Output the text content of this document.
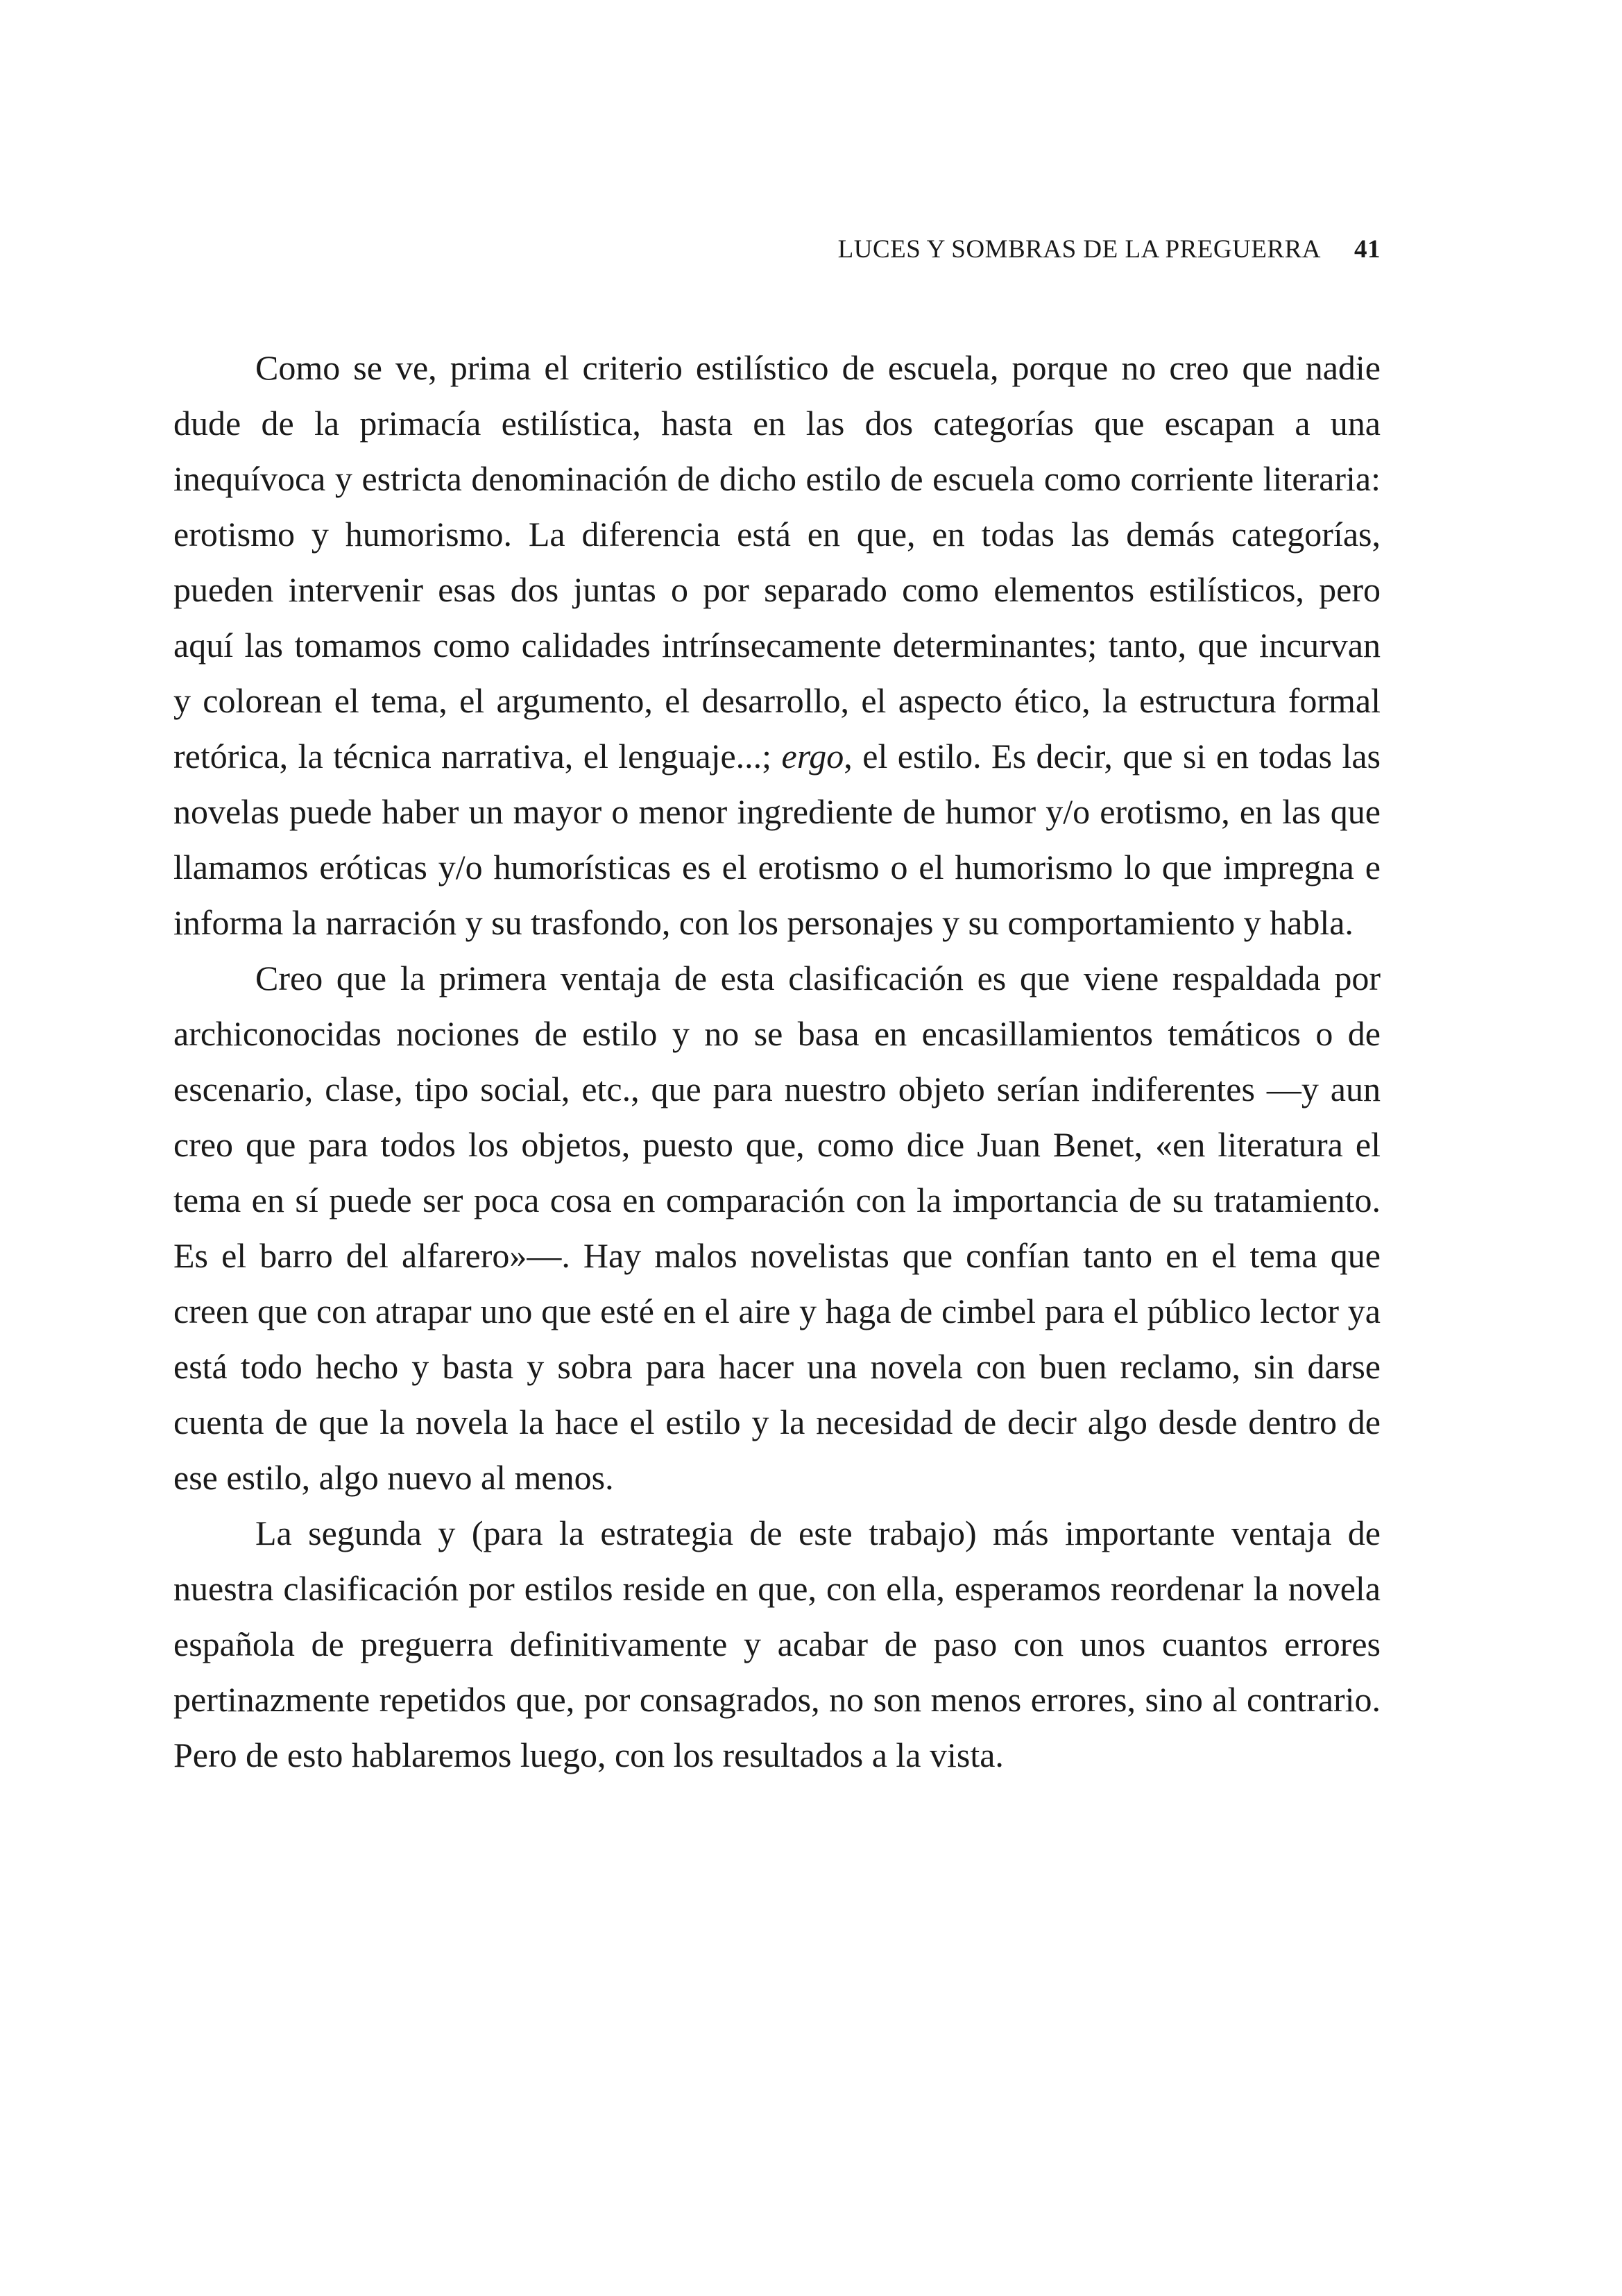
LUCES Y SOMBRAS DE LA PREGUERRA 41

Como se ve, prima el criterio estilístico de escuela, porque no creo que nadie dude de la primacía estilística, hasta en las dos categorías que escapan a una inequívoca y estricta denominación de dicho estilo de escuela como corriente literaria: erotismo y humorismo. La diferencia está en que, en todas las demás categorías, pueden intervenir esas dos juntas o por separado como elementos estilísticos, pero aquí las tomamos como calidades intrínsecamente determinantes; tanto, que incurvan y colorean el tema, el argumento, el desarrollo, el aspecto ético, la estructura formal retórica, la técnica narrativa, el lenguaje...; ergo, el estilo. Es decir, que si en todas las novelas puede haber un mayor o menor ingrediente de humor y/o erotismo, en las que llamamos eróticas y/o humorísticas es el erotismo o el humorismo lo que impregna e informa la narración y su trasfondo, con los personajes y su comportamiento y habla.

Creo que la primera ventaja de esta clasificación es que viene respaldada por archiconocidas nociones de estilo y no se basa en encasillamientos temáticos o de escenario, clase, tipo social, etc., que para nuestro objeto serían indiferentes —y aun creo que para todos los objetos, puesto que, como dice Juan Benet, «en literatura el tema en sí puede ser poca cosa en comparación con la importancia de su tratamiento. Es el barro del alfarero»—. Hay malos novelistas que confían tanto en el tema que creen que con atrapar uno que esté en el aire y haga de cimbel para el público lector ya está todo hecho y basta y sobra para hacer una novela con buen reclamo, sin darse cuenta de que la novela la hace el estilo y la necesidad de decir algo desde dentro de ese estilo, algo nuevo al menos.

La segunda y (para la estrategia de este trabajo) más importante ventaja de nuestra clasificación por estilos reside en que, con ella, esperamos reordenar la novela española de preguerra definitivamente y acabar de paso con unos cuantos errores pertinazmente repetidos que, por consagrados, no son menos errores, sino al contrario. Pero de esto hablaremos luego, con los resultados a la vista.
